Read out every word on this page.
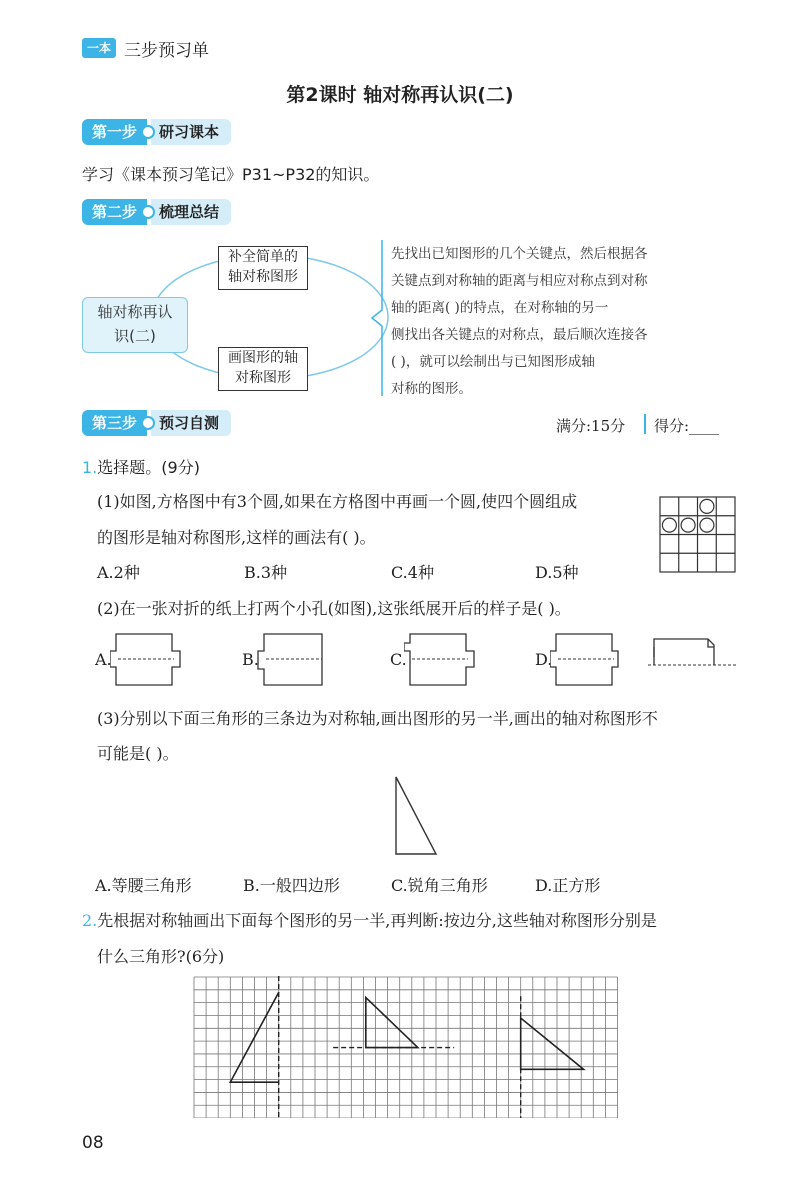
一本 三步预习单
第2课时 轴对称再认识(二)
第一步	研习课本
学习《课本预习笔记》P31~P32的知识。
第二步	梳理总结
轴对称再认
识(二)
补全简单的
轴对称图形
画图形的轴
对称图形
先找出已知图形的几个关键点，然后根据各
关键点到对称轴的距离与相应对称点到对称
轴的距离( )的特点，在对称轴的另一
侧找出各关键点的对称点，最后顺次连接各
( )，就可以绘制出与已知图形成轴
对称的图形。
第三步	预习自测	满分:15分 得分:____
1.选择题。(9分)
(1)如图,方格图中有3个圆,如果在方格图中再画一个圆,使四个圆组成
的图形是轴对称图形,这样的画法有( )。
A.2种	B.3种	C.4种	D.5种
(2)在一张对折的纸上打两个小孔(如图),这张纸展开后的样子是( )。
A.	B.	C.	D.
(3)分别以下面三角形的三条边为对称轴,画出图形的另一半,画出的轴对称图形不
可能是( )。
A.等腰三角形	B.一般四边形	C.锐角三角形	D.正方形
2.先根据对称轴画出下面每个图形的另一半,再判断:按边分,这些轴对称图形分别是
什么三角形?(6分)
08
